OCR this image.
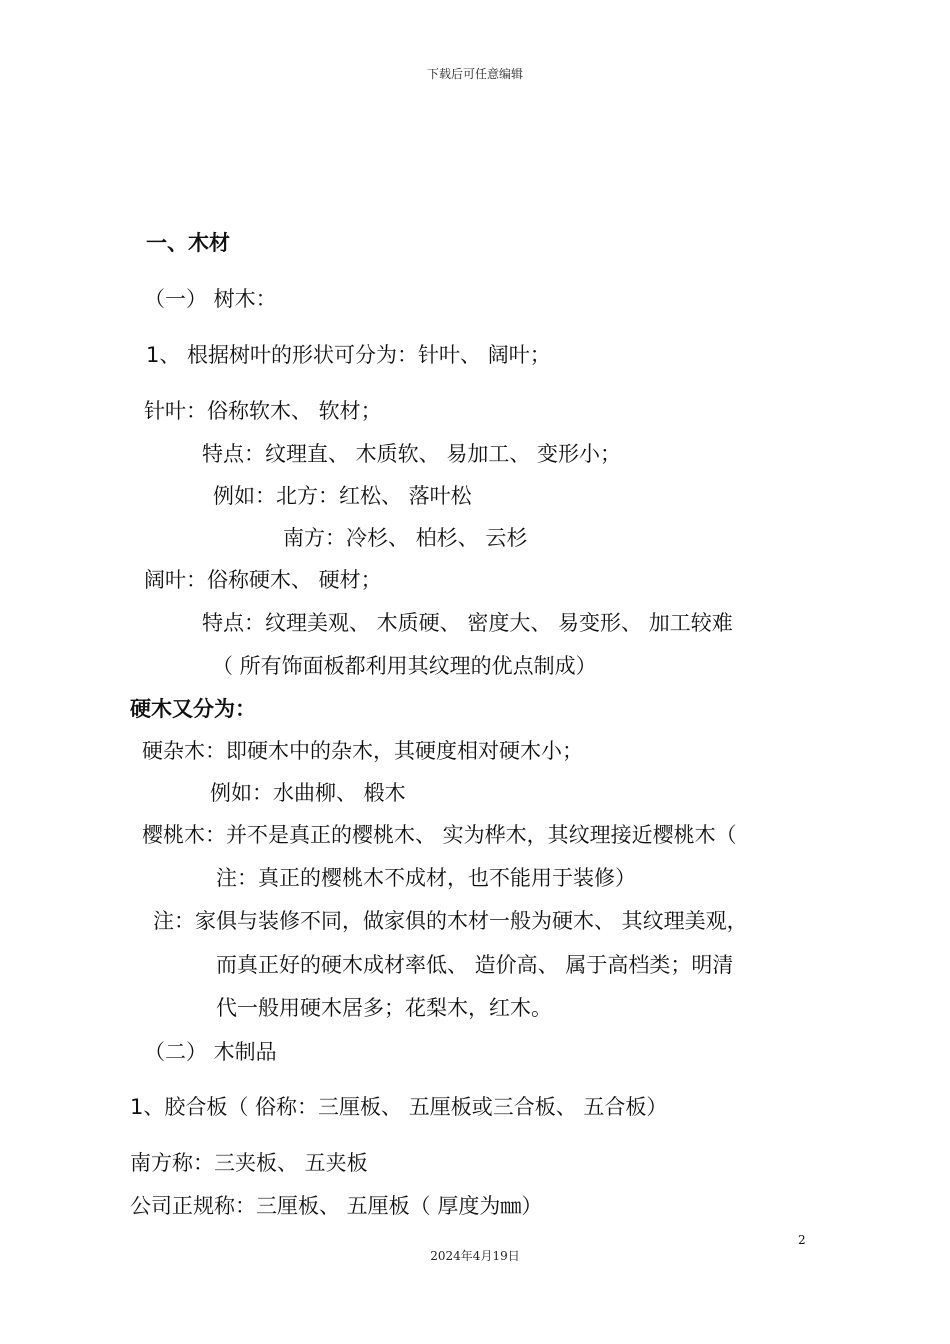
下载后可任意编辑
一、木材
（一） 树木：
1、 根据树叶的形状可分为：针叶、 阔叶；
针叶：俗称软木、 软材；
特点：纹理直、 木质软、 易加工、 变形小；
例如：北方：红松、 落叶松
南方：冷杉、 柏杉、 云杉
阔叶：俗称硬木、 硬材；
特点：纹理美观、 木质硬、 密度大、 易变形、 加工较难
（ 所有饰面板都利用其纹理的优点制成）
硬木又分为：
硬杂木：即硬木中的杂木，其硬度相对硬木小；
例如：水曲柳、 椴木
樱桃木：并不是真正的樱桃木、 实为桦木，其纹理接近樱桃木（
注：真正的樱桃木不成材，也不能用于装修）
注：家俱与装修不同，做家俱的木材一般为硬木、 其纹理美观，
而真正好的硬木成材率低、 造价高、 属于高档类；明清
代一般用硬木居多；花梨木，红木。
（二） 木制品
1、胶合板（ 俗称：三厘板、 五厘板或三合板、 五合板）
南方称：三夹板、 五夹板
公司正规称：三厘板、 五厘板（ 厚度为㎜）
2
2024年4月19日
